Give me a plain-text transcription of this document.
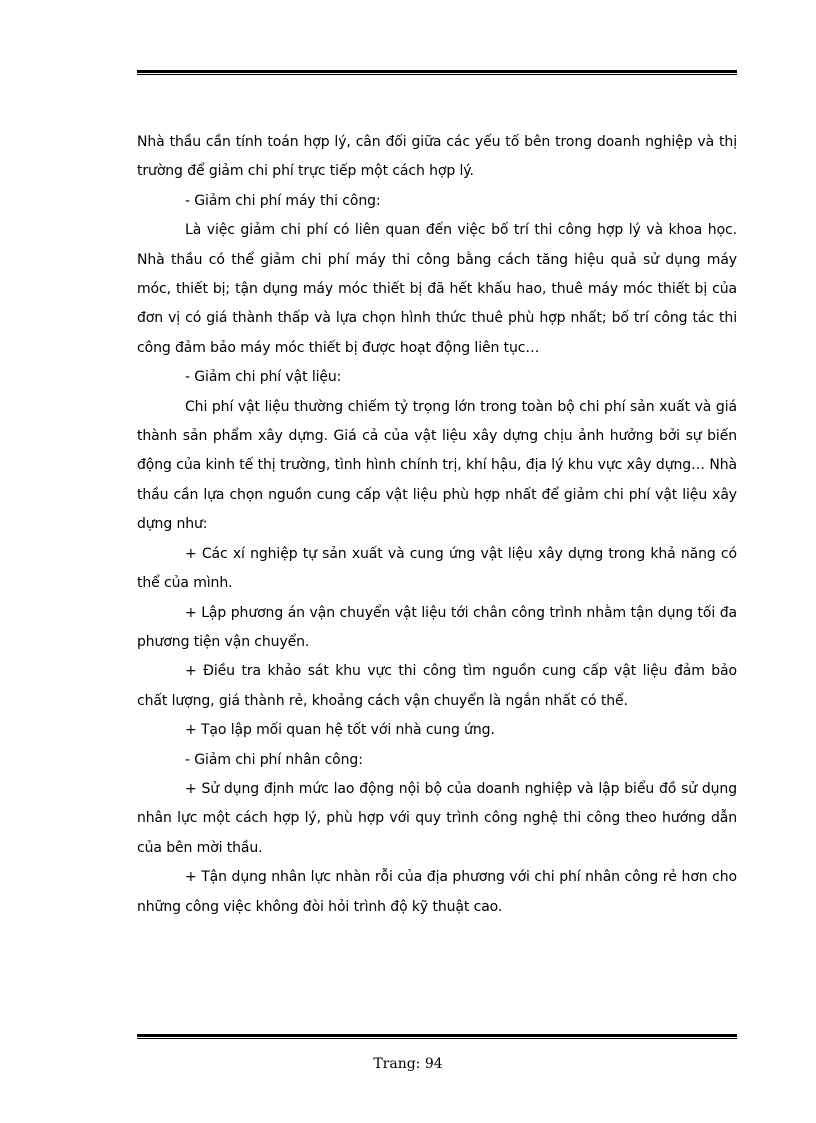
Nhà thầu cần tính toán hợp lý, cân đối giữa các yếu tố bên trong doanh nghiệp và thị trường để giảm chi phí trực tiếp một cách hợp lý.

- Giảm chi phí máy thi công:

Là việc giảm chi phí có liên quan đến việc bố trí thi công hợp lý và khoa học. Nhà thầu có thể giảm chi phí máy thi công bằng cách tăng hiệu quả sử dụng máy móc, thiết bị; tận dụng máy móc thiết bị đã hết khấu hao, thuê máy móc thiết bị của đơn vị có giá thành thấp và lựa chọn hình thức thuê phù hợp nhất; bố trí công tác thi công đảm bảo máy móc thiết bị được hoạt động liên tục…

- Giảm chi phí vật liệu:

Chi phí vật liệu thường chiếm tỷ trọng lớn trong toàn bộ chi phí sản xuất và giá thành sản phẩm xây dựng. Giá cả của vật liệu xây dựng chịu ảnh hưởng bởi sự biến động của kinh tế thị trường, tình hình chính trị, khí hậu, địa lý khu vực xây dựng… Nhà thầu cần lựa chọn nguồn cung cấp vật liệu phù hợp nhất để giảm chi phí vật liệu xây dựng như:

+ Các xí nghiệp tự sản xuất và cung ứng vật liệu xây dựng trong khả năng có thể của mình.

+ Lập phương án vận chuyển vật liệu tới chân công trình nhằm tận dụng tối đa phương tiện vận chuyển.

+ Điều tra khảo sát khu vực thi công tìm nguồn cung cấp vật liệu đảm bảo chất lượng, giá thành rẻ, khoảng cách vận chuyển là ngắn nhất có thể.

+ Tạo lập mối quan hệ tốt với nhà cung ứng.

- Giảm chi phí nhân công:

+ Sử dụng định mức lao động nội bộ của doanh nghiệp và lập biểu đồ sử dụng nhân lực một cách hợp lý, phù hợp với quy trình công nghệ thi công theo hướng dẫn của bên mời thầu.

+ Tận dụng nhân lực nhàn rỗi của địa phương với chi phí nhân công rẻ hơn cho những công việc không đòi hỏi trình độ kỹ thuật cao.

Trang: 94
